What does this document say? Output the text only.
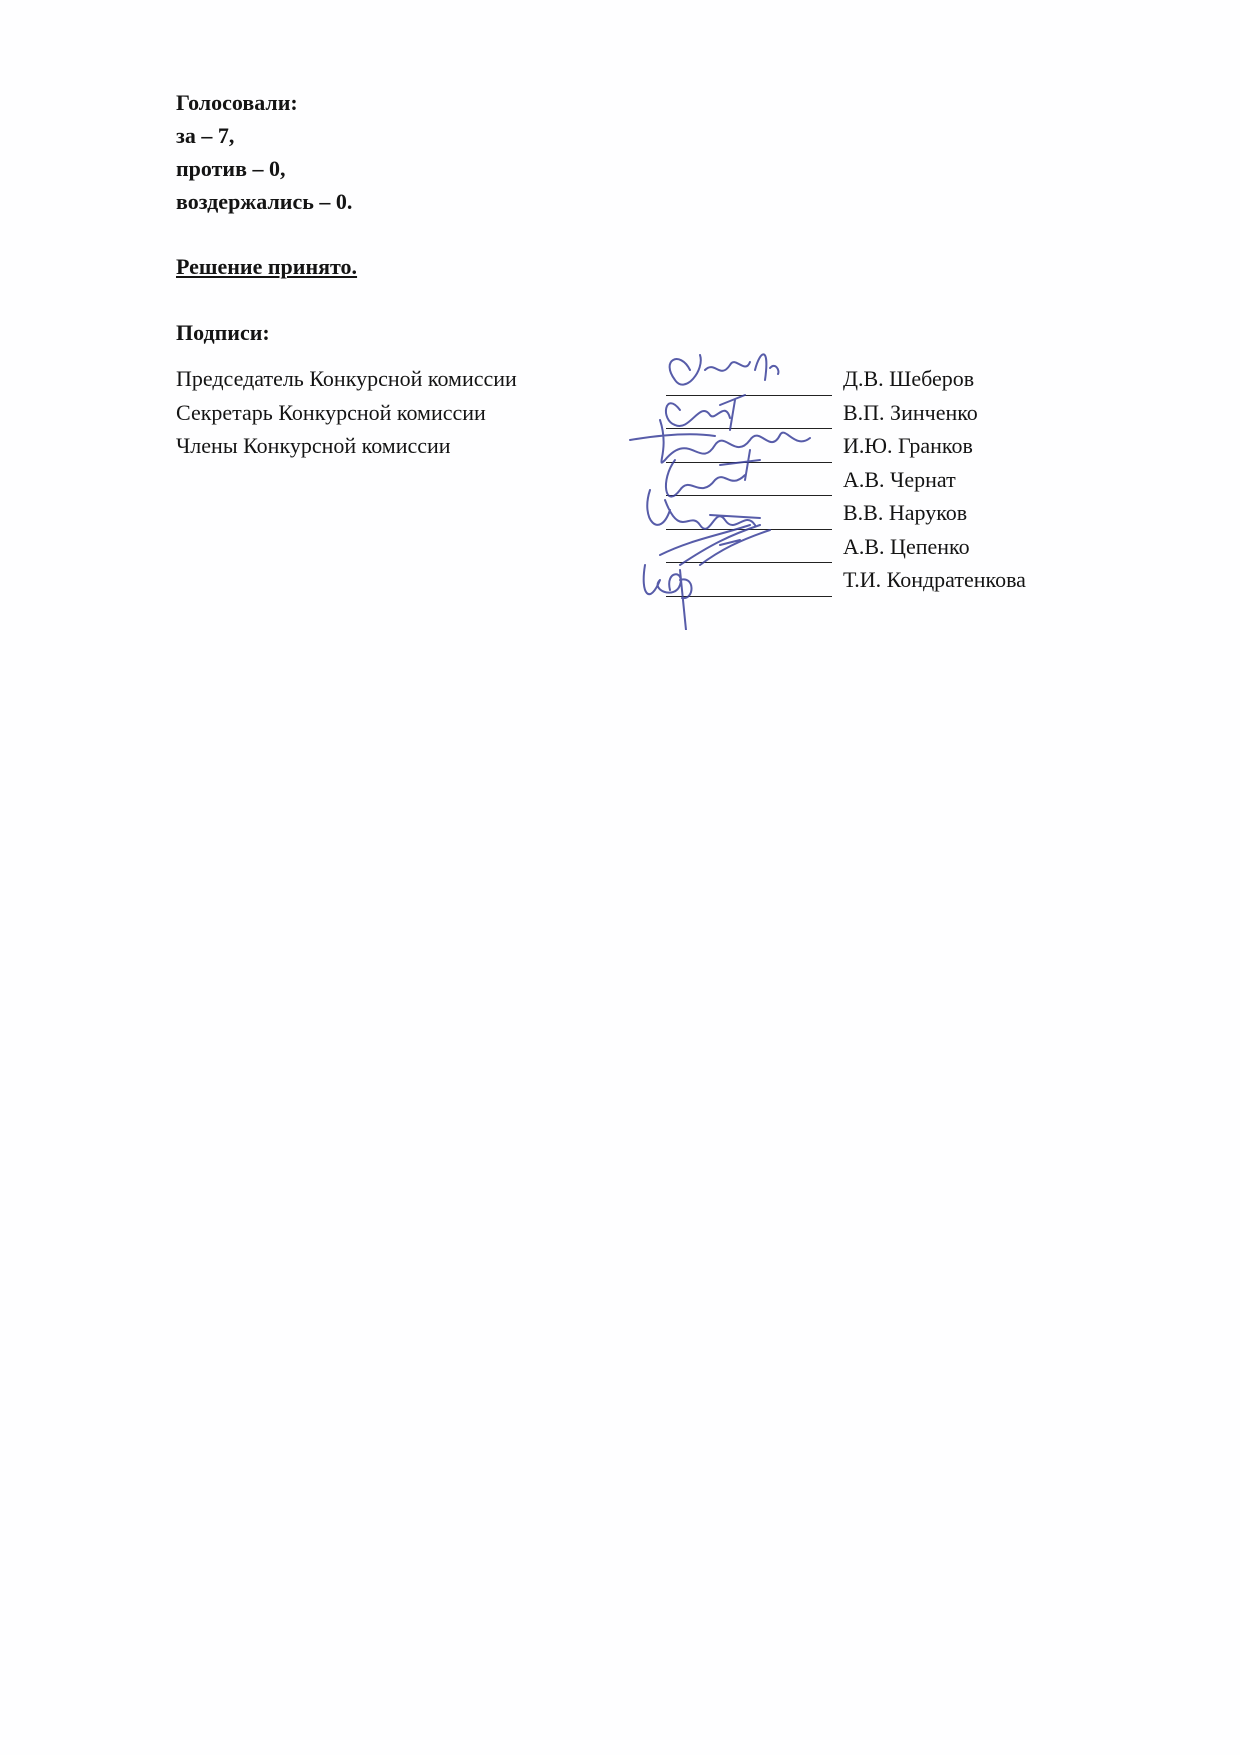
Голосовали:
за – 7,
против – 0,
воздержались – 0.
Решение принято.
Подписи:
Председатель Конкурсной комиссии
Секретарь Конкурсной комиссии
Члены Конкурсной комиссии
Д.В. Шеберов
В.П. Зинченко
И.Ю. Гранков
А.В. Чернат
В.В. Наруков
А.В. Цепенко
Т.И. Кондратенкова
